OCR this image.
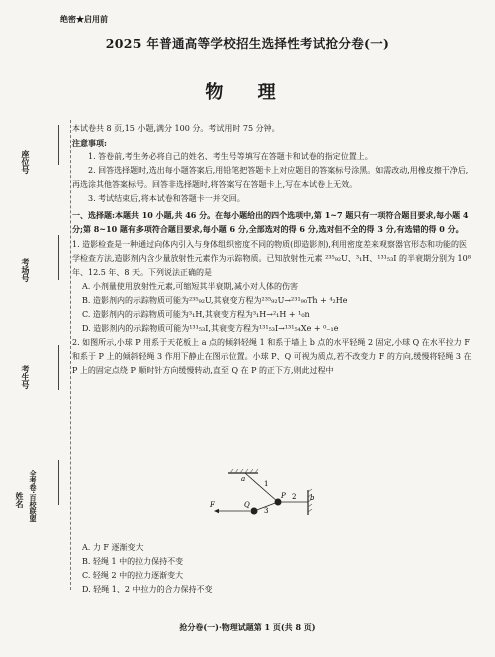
座位号
考场号
考生号
姓名 全考卷·百校联盟
绝密★启用前
2025 年普通高等学校招生选择性考试抢分卷(一)
物 理

本试卷共 8 页,15 小题,满分 100 分。考试用时 75 分钟。

注意事项:

1. 答卷前,考生务必将自己的姓名、考生号等填写在答题卡和试卷的指定位置上。

2. 回答选择题时,选出每小题答案后,用铅笔把答题卡上对应题目的答案标号涂黑。如需改动,用橡皮擦干净后,再选涂其他答案标号。回答非选择题时,将答案写在答题卡上,写在本试卷上无效。

3. 考试结束后,将本试卷和答题卡一并交回。

一、选择题:本题共 10 小题,共 46 分。在每小题给出的四个选项中,第 1~7 题只有一项符合题目要求,每小题 4 分;第 8~10 题有多项符合题目要求,每小题 6 分,全部选对的得 6 分,选对但不全的得 3 分,有选错的得 0 分。

1. 造影检查是一种通过向体内引入与身体组织密度不同的物质(即造影剂),利用密度差来观察器官形态和功能的医学检查方法,造影剂内含少量放射性元素作为示踪物质。已知放射性元素 ²³⁵₉₂U、³₁H、¹³¹₅₃I 的半衰期分别为 10⁸年、12.5 年、8 天。下列说法正确的是

A. 小剂量使用放射性元素,可缩短其半衰期,减小对人体的伤害

B. 造影剂内的示踪物质可能为²³⁵₉₂U,其衰变方程为²³⁵₉₂U→²³¹₉₀Th + ⁴₂He

C. 造影剂内的示踪物质可能为³₁H,其衰变方程为³₁H→²₁H + ¹₀n

D. 造影剂内的示踪物质可能为¹³¹₅₃I,其衰变方程为¹³¹₅₃I→¹³¹₅₄Xe + ⁰₋₁e

2. 如图所示,小球 P 用系于天花板上 a 点的倾斜轻绳 1 和系于墙上 b 点的水平轻绳 2 固定,小球 Q 在水平拉力 F 和系于 P 上的倾斜轻绳 3 作用下静止在图示位置。小球 P、Q 可视为质点,若不改变力 F 的方向,缓慢将轻绳 3 在 P 上的固定点绕 P 顺时针方向缓慢转动,直至 Q 在 P 的正下方,则此过程中

a
b
P
Q
F
1
2
3

A. 力 F 逐渐变大

B. 轻绳 1 中的拉力保持不变

C. 轻绳 2 中的拉力逐渐变大

D. 轻绳 1、2 中拉力的合力保持不变

抢分卷(一)·物理试题第 1 页(共 8 页)
